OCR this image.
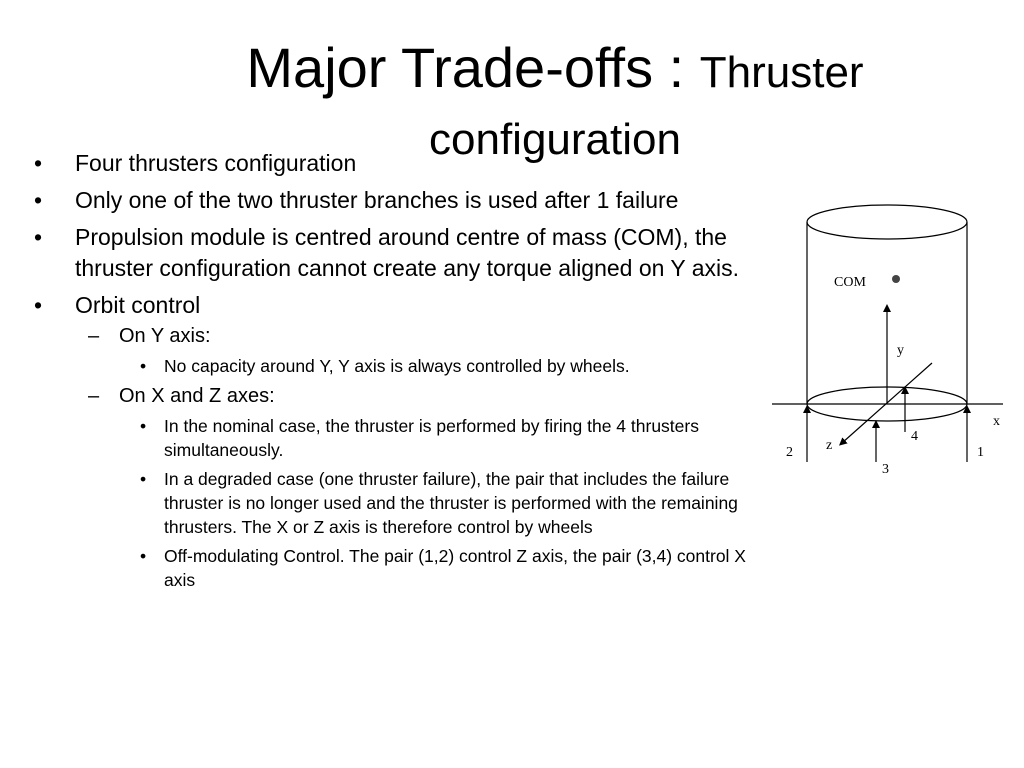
Major Trade-offs : Thruster configuration
• Four thrusters configuration
• Only one of the two thruster branches is used after 1 failure
• Propulsion module is centred around centre of mass (COM), the thruster configuration cannot create any torque aligned on Y axis.
• Orbit control
– On Y axis:
• No capacity around Y, Y axis is always controlled by wheels.
– On X and Z axes:
• In the nominal case, the thruster is performed by firing the 4 thrusters simultaneously.
• In a degraded case (one thruster failure), the pair that includes the failure thruster is no longer used and the thruster is performed with the remaining thrusters. The X or Z axis is therefore control by wheels
• Off-modulating Control. The pair (1,2) control Z axis, the pair (3,4) control X axis
COM
y
x
z
2	1
3
4
